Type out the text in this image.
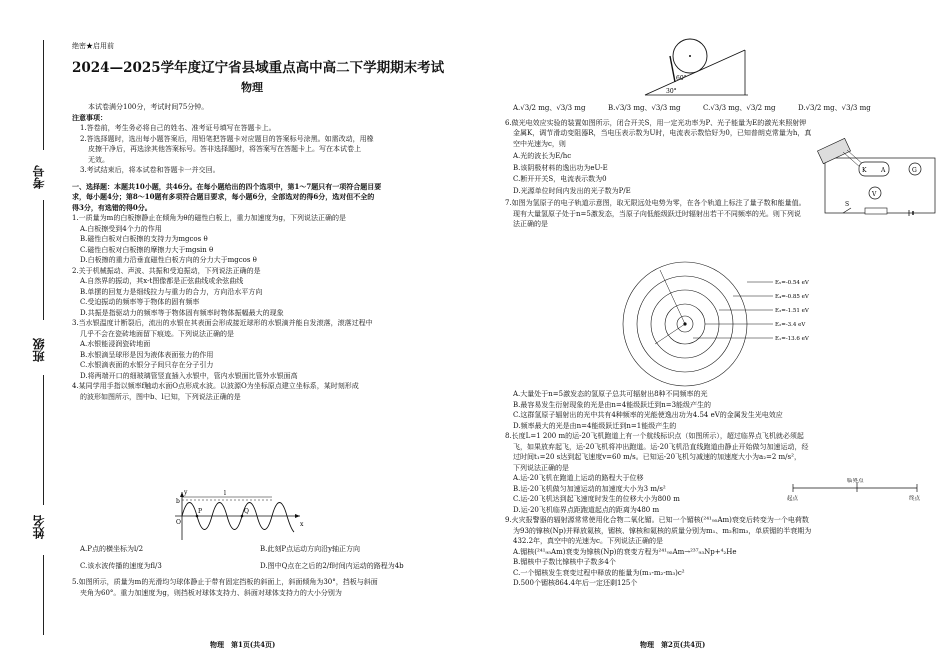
考号
班级
姓名
绝密★启用前
2024—2025学年度辽宁省县域重点高中高二下学期期末考试
物理

本试卷满分100分，考试时间75分钟。

注意事项：

1.答卷前，考生务必将自己的姓名、准考证号填写在答题卡上。

2.答选择题时，选出每小题答案后，用铅笔把答题卡对应题目的答案标号涂黑。如需改动，用橡

皮擦干净后，再选涂其他答案标号。答非选择题时，将答案写在答题卡上。写在本试卷上

无效。

3.考试结束后，将本试卷和答题卡一并交回。

一、选择题：本题共10小题，共46分。在每小题给出的四个选项中，第1～7题只有一项符合题目要

求，每小题4分；第8～10题有多项符合题目要求，每小题6分，全部选对的得6分，选对但不全的

得3分，有选错的得0分。

1.一质量为m的白板擦静止在倾角为θ的磁性白板上，重力加速度为g，下列说法正确的是

A.白板擦受到4个力的作用

B.磁性白板对白板擦的支持力为mgcos θ

C.磁性白板对白板擦的摩擦力大于mgsin θ

D.白板擦的重力沿垂直磁性白板方向的分力大于mgcos θ

2.关于机械振动、声波、共振和受迫振动，下列说法正确的是

A.自然界的振动，其x-t图像都是正弦曲线或余弦曲线

B.单摆的回复力是细线拉力与重力的合力，方向沿水平方向

C.受迫振动的频率等于物体的固有频率

D.共振是指驱动力的频率等于物体固有频率时物体振幅最大的现象

3.当水银温度计断裂后，流出的水银在其表面会形成接近球形的水银滴并能自发滚落，滚落过程中

几乎不会在瓷砖地面留下痕迹。下列说法正确的是

A.水银能浸润瓷砖地面

B.水银滴呈球形是因为液体表面张力的作用

C.水银滴表面的水银分子间只存在分子引力

D.将两端开口的细玻璃管竖直插入水银中，管内水银面比管外水银面高

4.某同学用手指以频率f触动水面O点形成水波。以波源O为坐标原点建立坐标系，某时刻形成

的波形如图所示，图中b、l已知，下列说法正确的是

y
x
O
b
l
P	Q

A.P点的横坐标为l/2	B.此刻P点运动方向沿y轴正方向

C.该水波传播的速度为fl/3	D.图中Q点在之后的2/f时间内运动的路程为4b

5.如图所示，质量为m的光滑均匀球体静止于带有固定挡板的斜面上，斜面倾角为30°，挡板与斜面

夹角为60°。重力加速度为g，则挡板对球体支持力、斜面对球体支持力的大小分别为

物理　第1页(共4页)
60°
30°

A.√3/2 mg、√3/3 mg	B.√3/3 mg、√3/3 mg	C.√3/3 mg、√3/2 mg	D.√3/2 mg、√3/3 mg

6.做光电效应实验的装置如图所示，闭合开关S，用一定光功率为P、光子能量为E的激光来照射钾

金属K，调节滑动变阻器R，当电压表示数为U时，电流表示数恰好为0，已知普朗克常量为h，真

空中光速为c，则

A.光的波长为E/hc

B.该阴极材料的逸出功为eU-E

C.断开开关S，电流表示数为0

D.光源单位时间内发出的光子数为P/E

7.如图为氢原子的电子轨道示意图，取无限远处电势为零，在各个轨道上标注了量子数和能量值。

现有大量氢原子处于n=5激发态，当原子向低能级跃迁时辐射出若干不同频率的光。则下列说

法正确的是

K A	G
V
S
E₅=-0.54 eV
E₄=-0.85 eV
E₃=-1.51 eV
E₂=-3.4 eV
E₁=-13.6 eV

A.大量处于n=5激发态的氢原子总共可辐射出8种不同频率的光

B.最容易发生衍射现象的光是由n=4能级跃迁到n=3能级产生的

C.这群氢原子辐射出的光中共有4种频率的光能使逸出功为4.54 eV的金属发生光电效应

D.频率最大的光是由n=4能级跃迁到n=1能级产生的

8.长度L=1 200 m的运-20飞机跑道上有一个航线标识点（如图所示），超过临界点飞机就必须起

飞，如果放弃起飞，运-20飞机将冲出跑道。运-20飞机沿直线跑道由静止开始做匀加速运动，经

过时间t₁=20 s达到起飞速度v=60 m/s。已知运-20飞机匀减速的加速度大小为a₂=2 m/s²，

下列说法正确的是

A.运-20飞机在跑道上运动的路程大于位移

B.运-20飞机做匀加速运动的加速度大小为3 m/s²

C.运-20飞机达到起飞速度时发生的位移大小为800 m

D.运-20飞机临界点距跑道起点的距离为480 m

9.火灾报警器的辐射源常常使用化合物二氧化镅。已知一个镅核(²⁴¹₉₅Am)衰变后转变为一个电荷数

为93的镎核(Np)并释放氦核，镅核、镎核和氦核的质量分别为m₁、m₂和m₃，单质镅的半衰期为

432.2年，真空中的光速为c。下列说法正确的是

A.镅核(²⁴¹₉₅Am)衰变为镎核(Np)的衰变方程为²⁴¹₉₅Am→²³⁷₉₃Np+⁴₂He

B.镅核中子数比镎核中子数多4个

C.一个镅核发生衰变过程中释放的能量为(m₁-m₂-m₃)c²

D.500个镅核864.4年后一定还剩125个

起点
临界点
终点
物理　第2页(共4页)
